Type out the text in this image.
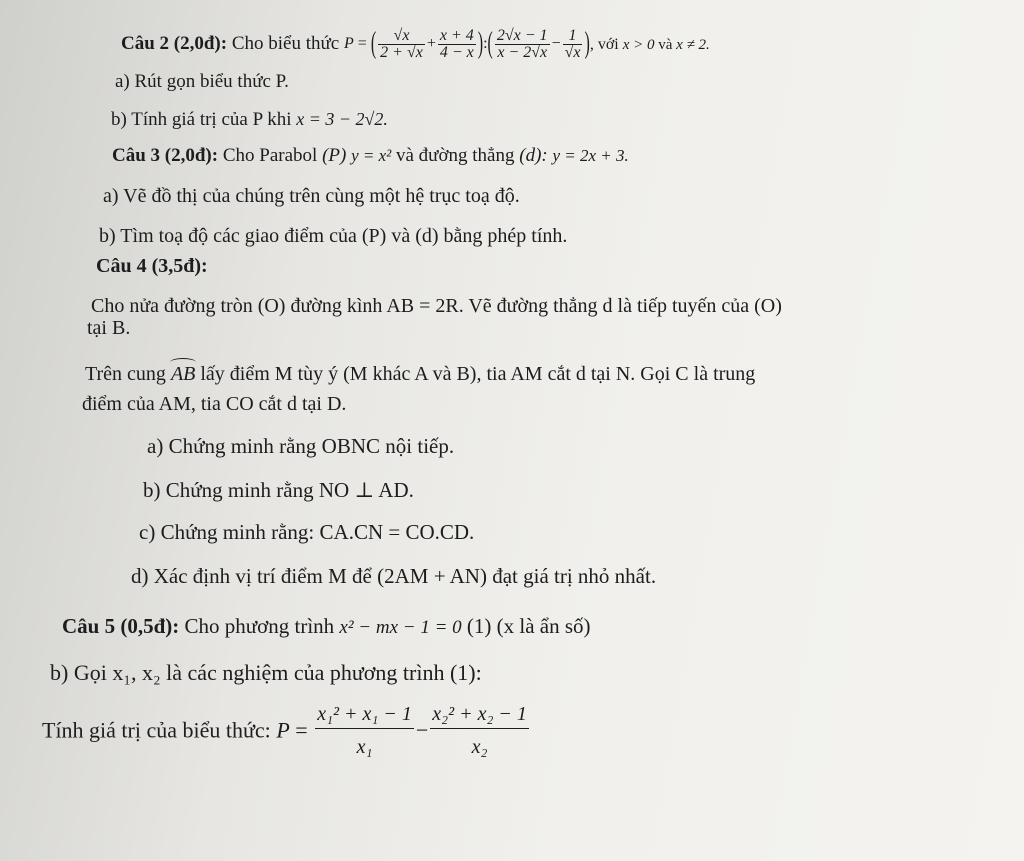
Câu 2 (2,0đ): Cho biểu thức P = ( $\frac{√x}{2 + √x} + \frac{x + 4}{4 - x}$ ):( $\frac{2√x - 1}{x - 2√x} - \frac{1}{√x}$ ), với x > 0 và x ≠ 2.
a) Rút gọn biểu thức P.
b) Tính giá trị của P khi x = 3 − 2√2.
Câu 3 (2,0đ): Cho Parabol (P) y = x² và đường thẳng (d): y = 2x + 3.
a) Vẽ đồ thị của chúng trên cùng một hệ trục toạ độ.
b) Tìm toạ độ các giao điểm của (P) và (d) bằng phép tính.
Câu 4 (3,5đ):
Cho nửa đường tròn (O) đường kình AB = 2R. Vẽ đường thẳng d là tiếp tuyến của (O)
tại B.
Trên cung
AB lấy điểm M tùy ý (M khác A và B), tia AM cắt d tại N. Gọi C là trung
điểm của AM, tia CO cắt d tại D.
a) Chứng minh rằng OBNC nội tiếp.
b) Chứng minh rằng NO ⊥ AD.
c) Chứng minh rằng: CA.CN = CO.CD.
d) Xác định vị trí điểm M để (2AM + AN) đạt giá trị nhỏ nhất.
Câu 5 (0,5đ): Cho phương trình x² − mx − 1 = 0 (1) (x là ẩn số)
b) Gọi x₁, x₂ là các nghiệm của phương trình (1):
Tính giá trị của biểu thức: $P = \frac{\text{x₁² + x₁ − 1}}{\text{x₁}} - \frac{\text{x₂² + x₂ − 1}}{\text{x₂}}$
